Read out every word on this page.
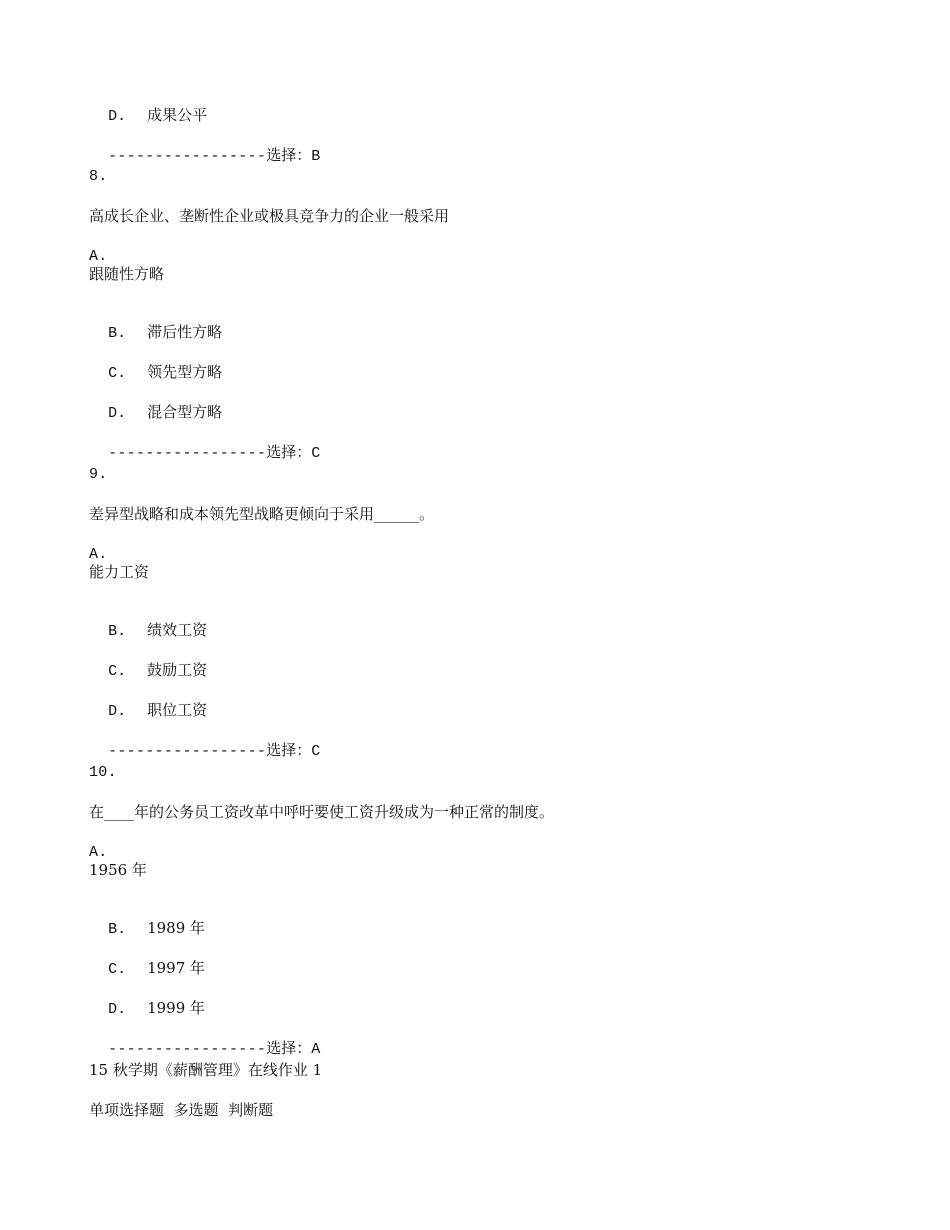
D. 成果公平

-----------------选择：B

8.
高成长企业、垄断性企业或极具竞争力的企业一般采用
A.
跟随性方略

B. 滞后性方略

C. 领先型方略

D. 混合型方略

-----------------选择：C

9.
差异型战略和成本领先型战略更倾向于采用______。
A.
能力工资

B. 绩效工资

C. 鼓励工资

D. 职位工资

-----------------选择：C

10.
在____年的公务员工资改革中呼吁要使工资升级成为一种正常的制度。
A.
1956 年

B. 1989 年

C. 1997 年

D. 1999 年

-----------------选择：A

15 秋学期《薪酬管理》在线作业 1
单项选择题  多选题  判断题
